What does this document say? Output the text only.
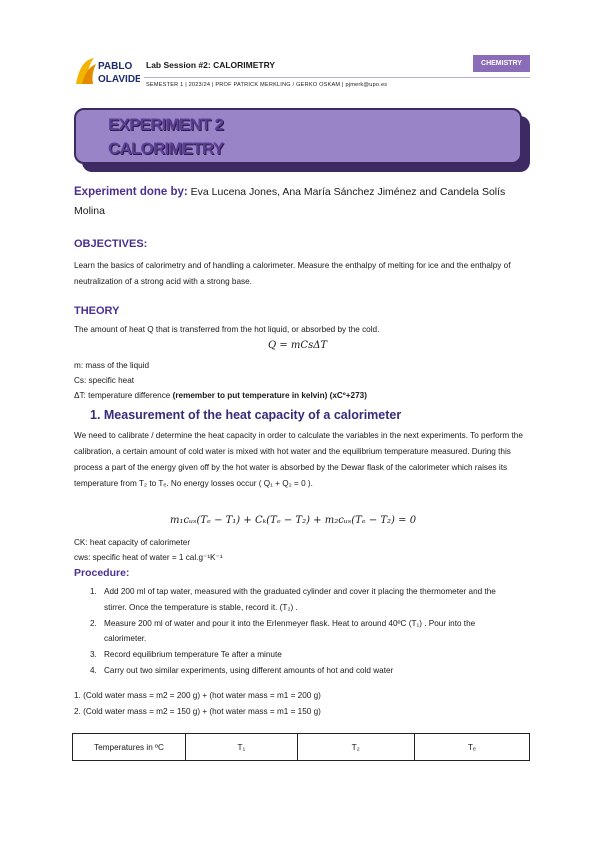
PABLO
OLAVIDE
Lab Session #2: CALORIMETRY
SEMESTER 1 | 2023/24 | PROF PATRICK MERKLING / GERKO OSKAM | pjmerk@upo.es
CHEMISTRY
EXPERIMENT 2
CALORIMETRY
Experiment done by: Eva Lucena Jones, Ana María Sánchez Jiménez and Candela Solís Molina
OBJECTIVES:
Learn the basics of calorimetry and of handling a calorimeter. Measure the enthalpy of melting for ice and the enthalpy of neutralization of a strong acid with a strong base.
THEORY
The amount of heat Q that is transferred from the hot liquid, or absorbed by the cold.
Q = mCsΔT
m: mass of the liquid
Cs: specific heat
ΔT: temperature difference (remember to put temperature in kelvin) (xCº+273)
1. Measurement of the heat capacity of a calorimeter
We need to calibrate / determine the heat capacity in order to calculate the variables in the next experiments. To perform the calibration, a certain amount of cold water is mixed with hot water and the equilibrium temperature measured. During this process a part of the energy given off by the hot water is absorbed by the Dewar flask of the calorimeter which raises its temperature from T₂ to Tₑ. No energy losses occur ( Q₁ + Q₂ = 0 ).
m₁cᵤₛ(Tₑ − T₁) + Cₖ(Tₑ − T₂) + m₂cᵤₛ(Tₑ − T₂) = 0
CK: heat capacity of calorimeter
cws: specific heat of water = 1 cal.g⁻¹K⁻¹
Procedure:
1. Add 200 ml of tap water, measured with the graduated cylinder and cover it placing the thermometer and the stirrer. Once the temperature is stable, record it. (T₂) .
2. Measure 200 ml of water and pour it into the Erlenmeyer flask. Heat to around 40ºC (T₁) . Pour into the calorimeter.
3. Record equilibrium temperature Te after a minute
4. Carry out two similar experiments, using different amounts of hot and cold water
1. (Cold water mass = m2 = 200 g) + (hot water mass = m1 = 200 g)
2. (Cold water mass = m2 = 150 g) + (hot water mass = m1 = 150 g)
Temperatures in ºC	T₁	T₂	Tₑ
